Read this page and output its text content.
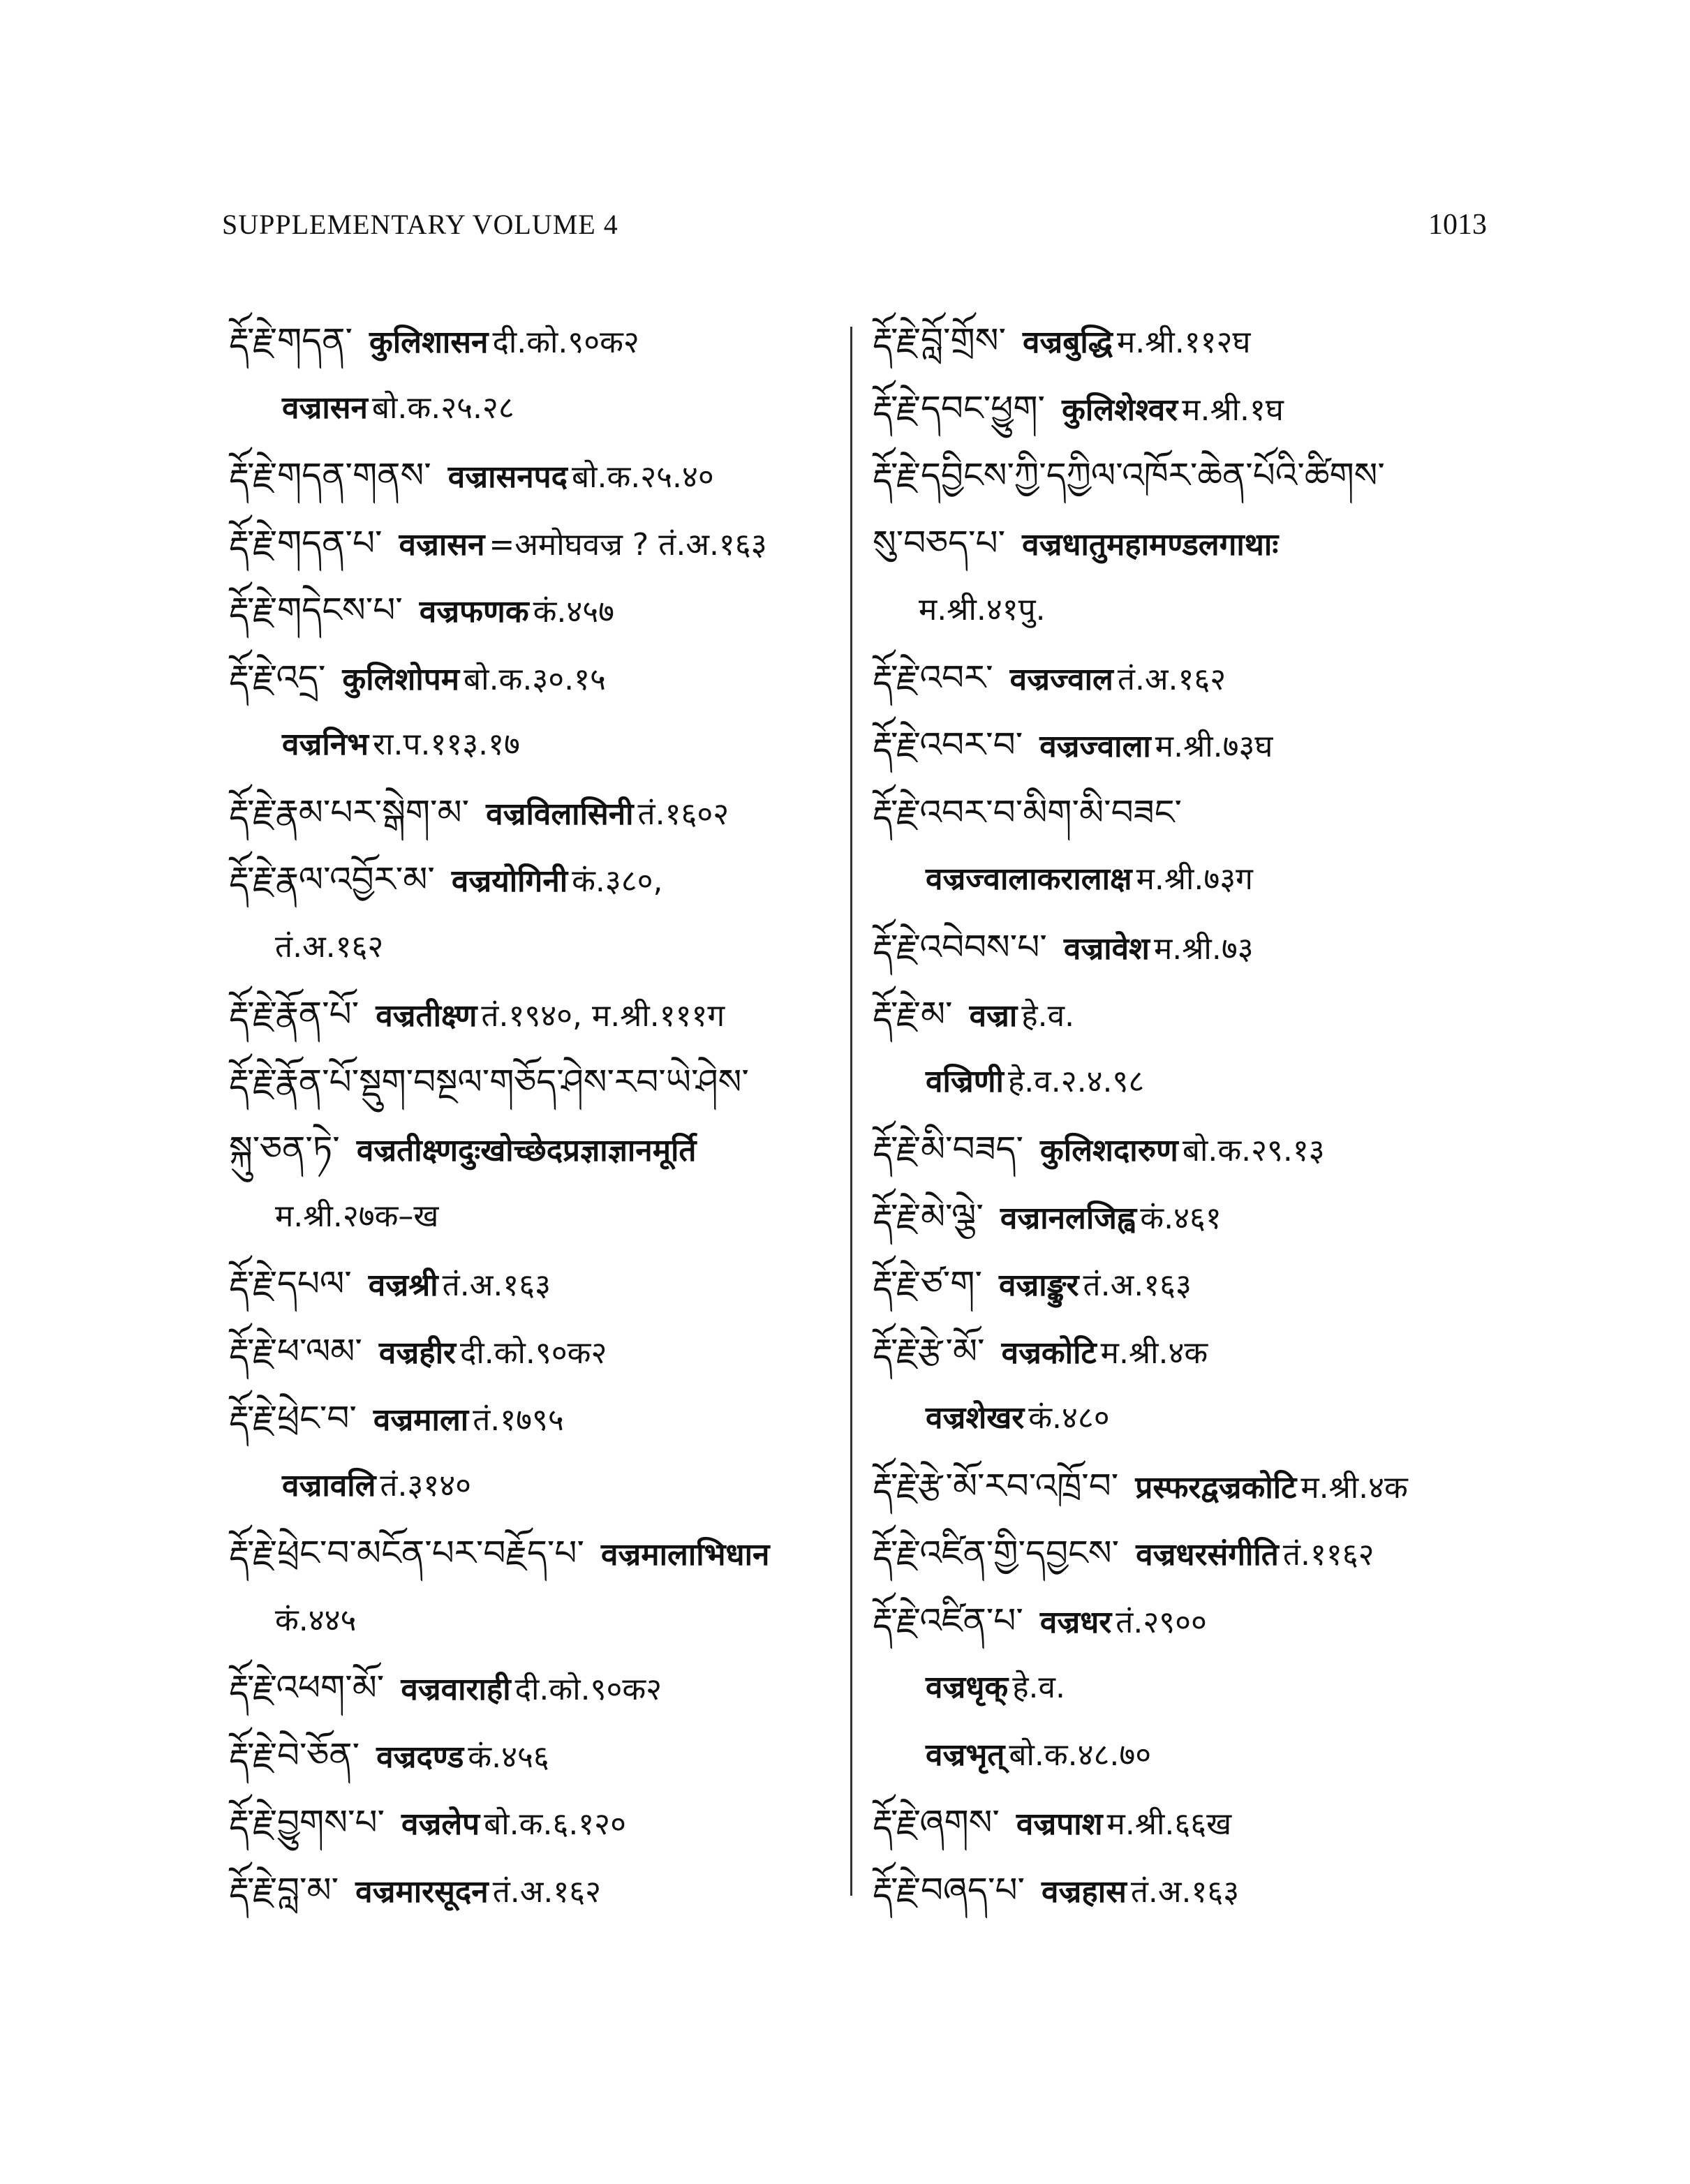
SUPPLEMENTARY VOLUME 4	1013
རྡོ་རྗེ་གདན་ कुलिशासन दी.को.९०क२
वज्रासन बो.क.२५.२८
རྡོ་རྗེ་གདན་གནས་ वज्रासनपद बो.क.२५.४०
རྡོ་རྗེ་གདན་པ་ वज्रासन =अमोघवज्र ? तं.अ.१६३
རྡོ་རྗེ་གདེངས་པ་ वज्रफणक कं.४५७
རྡོ་རྗེ་འདྲ་ कुलिशोपम बो.क.३०.१५
वज्रनिभ रा.प.११३.१७
རྡོ་རྗེ་རྣམ་པར་སྒེག་མ་ वज्रविलासिनी तं.१६०२
རྡོ་རྗེ་རྣལ་འབྱོར་མ་ वज्रयोगिनी कं.३८०,
तं.अ.१६२
རྡོ་རྗེ་རྣོན་པོ་ वज्रतीक्ष्ण तं.१९४०, म.श्री.१११ग
རྡོ་རྗེ་རྣོན་པོ་སྡུག་བསྔལ་གཅོད་ཤེས་རབ་ཡེ་ཤེས་
སྐུ་ཅན་ཏེ་ वज्रतीक्ष्णदुःखोच्छेदप्रज्ञाज्ञानमूर्ति
म.श्री.२७क–ख
རྡོ་རྗེ་དཔལ་ वज्रश्री तं.अ.१६३
རྡོ་རྗེ་ཕ་ལམ་ वज्रहीर दी.को.९०क२
རྡོ་རྗེ་ཕྲེང་བ་ वज्रमाला तं.१७९५
वज्रावलि तं.३१४०
རྡོ་རྗེ་ཕྲེང་བ་མངོན་པར་བརྗོད་པ་ वज्रमालाभिधान
कं.४४५
རྡོ་རྗེ་འཕག་མོ་ वज्रवाराही दी.को.९०क२
རྡོ་རྗེ་བེ་ཅོན་ वज्रदण्ड कं.४५६
རྡོ་རྗེ་བྱུགས་པ་ वज्रलेप बो.क.६.१२०
རྡོ་རྗེ་བླ་མ་ वज्रमारसूदन तं.अ.१६२
རྡོ་རྗེ་བློ་གྲོས་ वज्रबुद्धि म.श्री.११२घ
རྡོ་རྗེ་དབང་ཕྱུག་ कुलिशेश्वर म.श्री.१घ
རྡོ་རྗེ་དབྱིངས་ཀྱི་དཀྱིལ་འཁོར་ཆེན་པོའི་ཚིགས་
སུ་བཅད་པ་ वज्रधातुमहामण्डलगाथाः
म.श्री.४१पु.
རྡོ་རྗེ་འབར་ वज्रज्वाल तं.अ.१६२
རྡོ་རྗེ་འབར་བ་ वज्रज्वाला म.श्री.७३घ
རྡོ་རྗེ་འབར་བ་མིག་མི་བཟང་
वज्रज्वालाकरालाक्ष म.श्री.७३ग
རྡོ་རྗེ་འབེབས་པ་ वज्रावेश म.श्री.७३
རྡོ་རྗེ་མ་ वज्रा हे.व.
वज्रिणी हे.व.२.४.९८
རྡོ་རྗེ་མི་བཟད་ कुलिशदारुण बो.क.२९.१३
རྡོ་རྗེ་མེ་ལྕེ་ वज्रानलजिह्व कं.४६१
རྡོ་རྗེ་ཙ་ག་ वज्राङ्कुर तं.अ.१६३
རྡོ་རྗེ་རྩེ་མོ་ वज्रकोटि म.श्री.४क
वज्रशेखर कं.४८०
རྡོ་རྗེ་རྩེ་མོ་རབ་འཁྲོ་བ་ प्रस्फरद्वज्रकोटि म.श्री.४क
རྡོ་རྗེ་འཛིན་གྱི་དབྱངས་ वज्रधरसंगीति तं.११६२
རྡོ་རྗེ་འཛིན་པ་ वज्रधर तं.२९००
वज्रधृक् हे.व.
वज्रभृत् बो.क.४८.७०
རྡོ་རྗེ་ཞགས་ वज्रपाश म.श्री.६६ख
རྡོ་རྗེ་བཞད་པ་ वज्रहास तं.अ.१६३
